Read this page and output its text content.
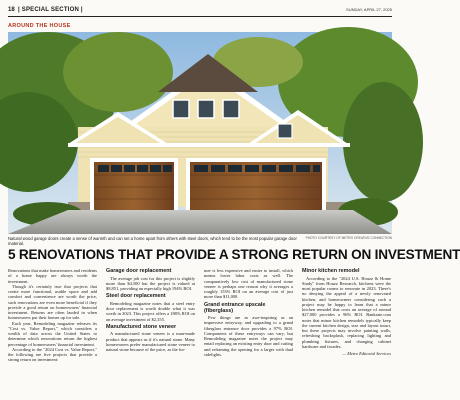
18 | SPECIAL SECTION |	SUNDAY, APRIL 27, 2025
AROUND THE HOUSE
Natural wood garage doors create a sense of warmth and can set a home apart from others with steel doors, which tend to be the most popular garage door material.
PHOTO COURTESY OF METRO CREATIVE CONNECTION
5 RENOVATIONS THAT PROVIDE A STRONG RETURN ON INVESTMENT

Renovations that make homeowners and residents of a home happy are always worth the investment.

Though it's certainly true that projects that create more functional, usable space and add comfort and convenience are worth the price, such renovations are even more beneficial if they provide a good return on homeowners' financial investment. Returns are often lauded in when homeowners put their homes up for sale.

Each year, Remodeling magazine releases its "Cost vs. Value Report," which considers a wealth of data across the United States to determine which renovations return the highest percentage of homeowners' financial investment.

According to the "2024 Cost vs. Value Report," the following are five projects that provide a strong return on investment:

Garage door replacement

The average job cost for this project is slightly more than $4,500 but the project is valued at $8,851, providing an especially high 194% ROI.

Steel door replacement

Remodeling magazine notes that a steel entry door replacement is worth double what it was worth in 2023. This project offers a 188% ROI on an average investment of $2,355.

Manufactured stone veneer

A manufactured stone veneer is a man-made product that appears as if it's natural stone. Many homeowners prefer manufactured stone veneer to natural stone because of the price, as the for-

mer is less expensive and easier to install, which means lower labor costs as well. The comparatively low cost of manufactured stone veneer is perhaps one reason why it averages a roughly 153% ROI on an average cost of just more than $11,000.

Grand entrance upscale (fiberglass)

Few things are as awe-inspiring as an impressive entryway, and upgrading to a grand fiberglass entrance door provides a 97% ROI. Components of these entryways can vary, but Remodeling magazine notes the project may entail replacing an existing entry door and cutting and reframing the opening for a larger with dual sidelights.

Minor kitchen remodel

According to the "2024 U.S. Houzz & Home Study" from Houzz Research, kitchens were the most popular rooms to renovate in 2023. There's no denying the appeal of a newly renovated kitchen, and homeowners considering such a project may be happy to learn that a minor kitchen remodel that costs an average of around $27,000 provides a 96% ROI. Bankrate.com notes that minor kitchen remodels typically keep the current kitchen design, size and layout intact, but these projects may involve painting walls, refreshing backsplash, replacing lighting and plumbing fixtures, and changing cabinet hardware and facades.

— Metro Editorial Services
